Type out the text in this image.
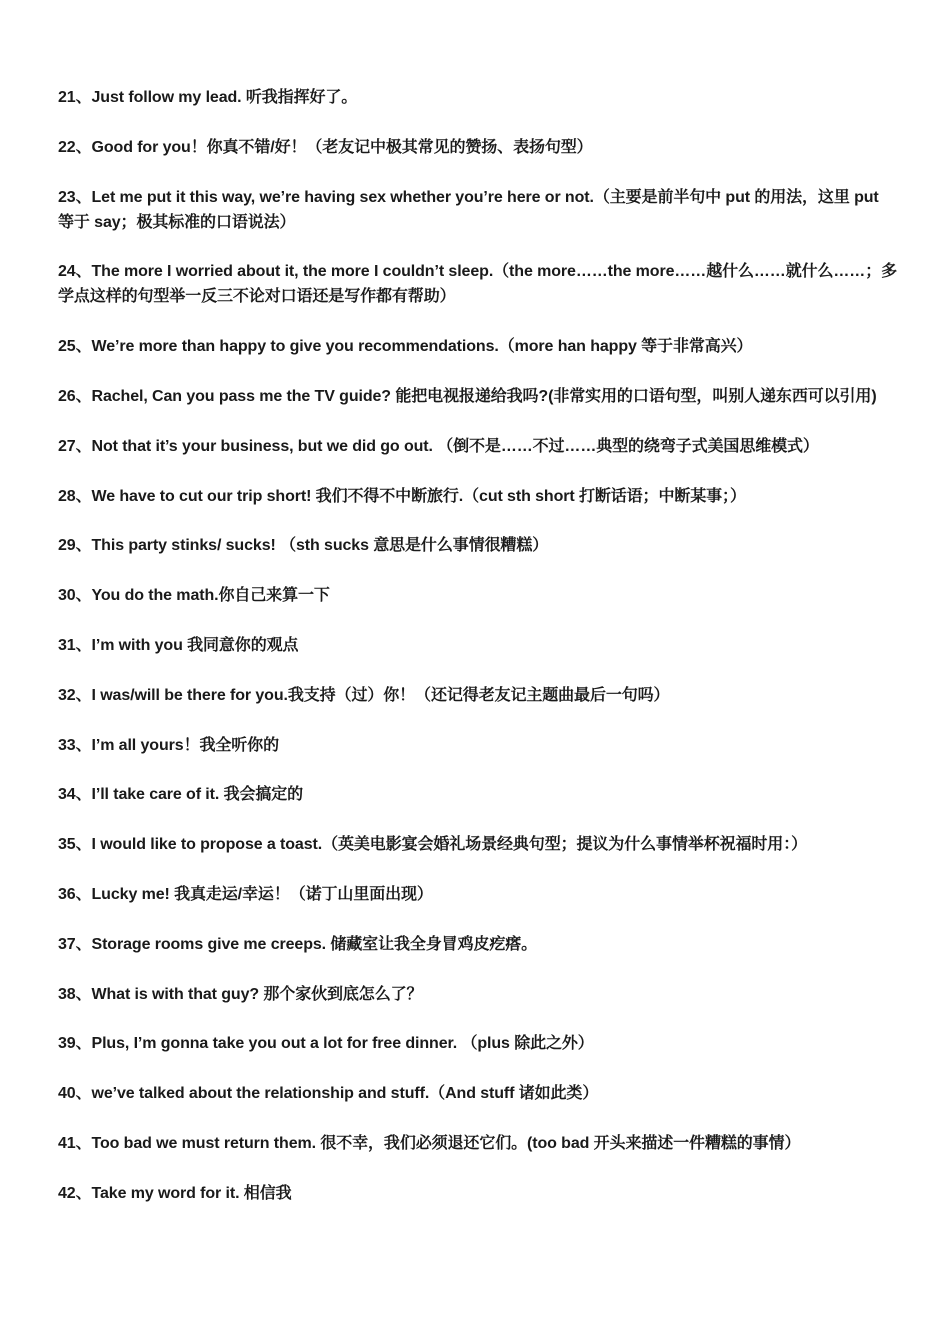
21、Just follow my lead. 听我指挥好了。

22、Good for you！你真不错/好！（老友记中极其常见的赞扬、表扬句型）

23、Let me put it this way, we’re having sex whether you’re here or not.（主要是前半句中 put 的用法，这里 put 等于 say；极其标准的口语说法）

24、The more I worried about it, the more I couldn’t sleep.（the more……the more……越什么……就什么……；多学点这样的句型举一反三不论对口语还是写作都有帮助）

25、We’re more than happy to give you recommendations.（more han happy 等于非常高兴）

26、Rachel, Can you pass me the TV guide? 能把电视报递给我吗?(非常实用的口语句型，叫别人递东西可以引用)

27、Not that it’s your business, but we did go out. （倒不是……不过……典型的绕弯子式美国思维模式）

28、We have to cut our trip short! 我们不得不中断旅行.（cut sth short 打断话语；中断某事；）

29、This party stinks/ sucks! （sth sucks 意思是什么事情很糟糕）

30、You do the math.你自己来算一下

31、I’m with you 我同意你的观点

32、I was/will be there for you.我支持（过）你！（还记得老友记主题曲最后一句吗）

33、I’m all yours！我全听你的

34、I’ll take care of it. 我会搞定的

35、I would like to propose a toast.（英美电影宴会婚礼场景经典句型；提议为什么事情举杯祝福时用：）

36、Lucky me! 我真走运/幸运！（诺丁山里面出现）

37、Storage rooms give me creeps. 储藏室让我全身冒鸡皮疙瘩。

38、What is with that guy? 那个家伙到底怎么了？

39、Plus, I’m gonna take you out a lot for free dinner. （plus 除此之外）

40、we’ve talked about the relationship and stuff.（And stuff 诸如此类）

41、Too bad we must return them. 很不幸，我们必须退还它们。(too bad 开头来描述一件糟糕的事情）

42、Take my word for it. 相信我
